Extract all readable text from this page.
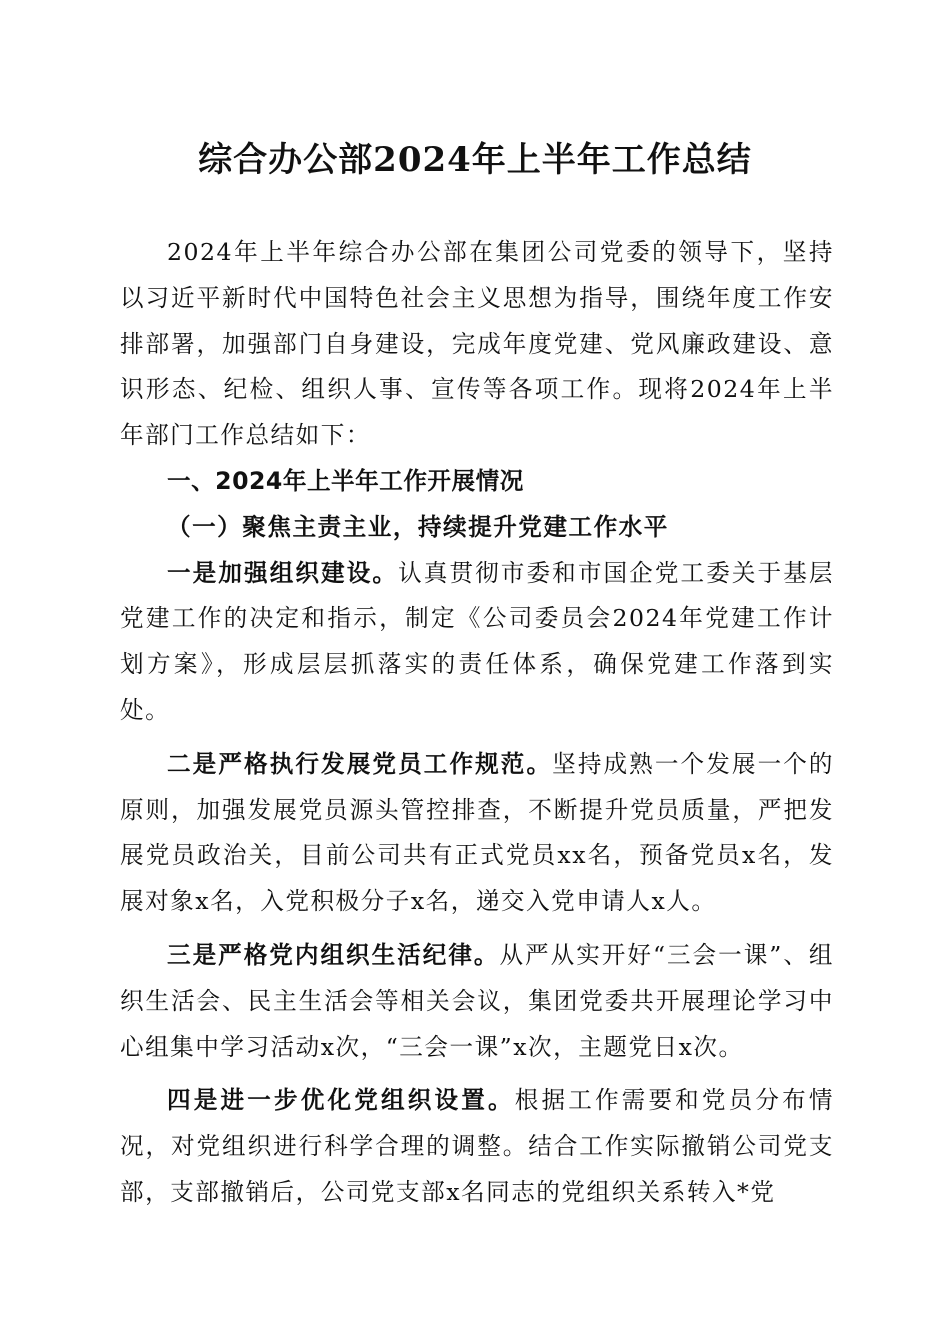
综合办公部2024年上半年工作总结

2024年上半年综合办公部在集团公司党委的领导下，坚持以习近平新时代中国特色社会主义思想为指导，围绕年度工作安排部署，加强部门自身建设，完成年度党建、党风廉政建设、意识形态、纪检、组织人事、宣传等各项工作。现将2024年上半年部门工作总结如下：

一、2024年上半年工作开展情况

（一）聚焦主责主业，持续提升党建工作水平

一是加强组织建设。认真贯彻市委和市国企党工委关于基层党建工作的决定和指示，制定《公司委员会2024年党建工作计划方案》，形成层层抓落实的责任体系，确保党建工作落到实处。

二是严格执行发展党员工作规范。坚持成熟一个发展一个的原则，加强发展党员源头管控排查，不断提升党员质量，严把发展党员政治关，目前公司共有正式党员xx名，预备党员x名，发展对象x名，入党积极分子x名，递交入党申请人x人。

三是严格党内组织生活纪律。从严从实开好“三会一课”、组织生活会、民主生活会等相关会议，集团党委共开展理论学习中心组集中学习活动x次，“三会一课”x次，主题党日x次。

四是进一步优化党组织设置。根据工作需要和党员分布情况，对党组织进行科学合理的调整。结合工作实际撤销公司党支部，支部撤销后，公司党支部x名同志的党组织关系转入*党
